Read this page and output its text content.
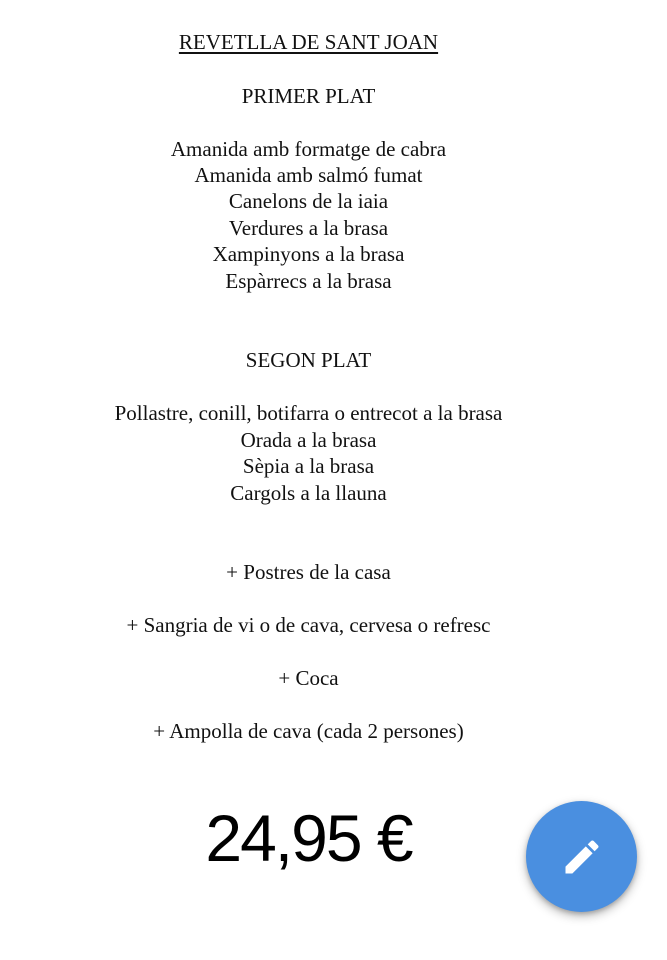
REVETLLA DE SANT JOAN
PRIMER PLAT
Amanida amb formatge de cabra
Amanida amb salmó fumat
Canelons de la iaia
Verdures a la brasa
Xampinyons a la brasa
Espàrrecs a la brasa
SEGON PLAT
Pollastre, conill, botifarra o entrecot a la brasa
Orada a la brasa
Sèpia a la brasa
Cargols a la llauna
+ Postres de la casa
+ Sangria de vi o de cava, cervesa o refresc
+ Coca
+ Ampolla de cava (cada 2 persones)
24,95 €
